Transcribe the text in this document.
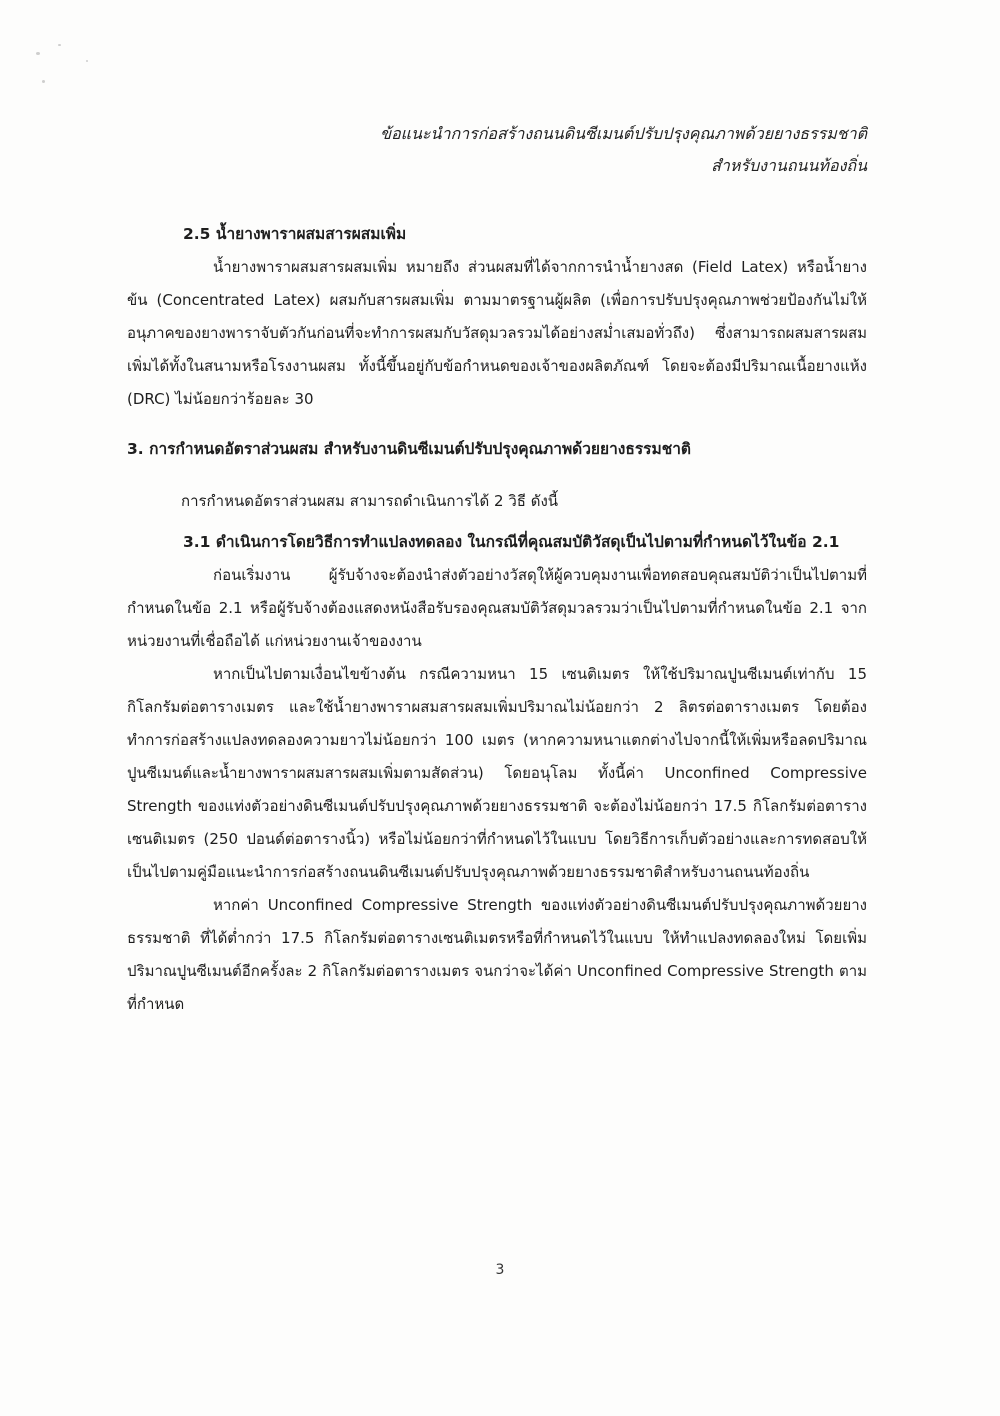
ข้อแนะนำการก่อสร้างถนนดินซีเมนต์ปรับปรุงคุณภาพด้วยยางธรรมชาติ
สำหรับงานถนนท้องถิ่น

2.5 น้ำยางพาราผสมสารผสมเพิ่ม

น้ำยางพาราผสมสารผสมเพิ่ม หมายถึง ส่วนผสมที่ได้จากการนำน้ำยางสด (Field Latex) หรือน้ำยางข้น (Concentrated Latex) ผสมกับสารผสมเพิ่ม ตามมาตรฐานผู้ผลิต (เพื่อการปรับปรุงคุณภาพช่วยป้องกันไม่ให้อนุภาคของยางพาราจับตัวกันก่อนที่จะทำการผสมกับวัสดุมวลรวมได้อย่างสม่ำเสมอทั่วถึง) ซึ่งสามารถผสมสารผสมเพิ่มได้ทั้งในสนามหรือโรงงานผสม ทั้งนี้ขึ้นอยู่กับข้อกำหนดของเจ้าของผลิตภัณฑ์ โดยจะต้องมีปริมาณเนื้อยางแห้ง (DRC) ไม่น้อยกว่าร้อยละ 30

3. การกำหนดอัตราส่วนผสม สำหรับงานดินซีเมนต์ปรับปรุงคุณภาพด้วยยางธรรมชาติ

การกำหนดอัตราส่วนผสม สามารถดำเนินการได้ 2 วิธี ดังนี้

3.1 ดำเนินการโดยวิธีการทำแปลงทดลอง ในกรณีที่คุณสมบัติวัสดุเป็นไปตามที่กำหนดไว้ในข้อ 2.1

ก่อนเริ่มงาน ผู้รับจ้างจะต้องนำส่งตัวอย่างวัสดุให้ผู้ควบคุมงานเพื่อทดสอบคุณสมบัติว่าเป็นไปตามที่กำหนดในข้อ 2.1 หรือผู้รับจ้างต้องแสดงหนังสือรับรองคุณสมบัติวัสดุมวลรวมว่าเป็นไปตามที่กำหนดในข้อ 2.1 จากหน่วยงานที่เชื่อถือได้ แก่หน่วยงานเจ้าของงาน

หากเป็นไปตามเงื่อนไขข้างต้น กรณีความหนา 15 เซนติเมตร ให้ใช้ปริมาณปูนซีเมนต์เท่ากับ 15 กิโลกรัมต่อตารางเมตร และใช้น้ำยางพาราผสมสารผสมเพิ่มปริมาณไม่น้อยกว่า 2 ลิตรต่อตารางเมตร โดยต้องทำการก่อสร้างแปลงทดลองความยาวไม่น้อยกว่า 100 เมตร (หากความหนาแตกต่างไปจากนี้ให้เพิ่มหรือลดปริมาณปูนซีเมนต์และน้ำยางพาราผสมสารผสมเพิ่มตามสัดส่วน) โดยอนุโลม ทั้งนี้ค่า Unconfined Compressive Strength ของแท่งตัวอย่างดินซีเมนต์ปรับปรุงคุณภาพด้วยยางธรรมชาติ จะต้องไม่น้อยกว่า 17.5 กิโลกรัมต่อตารางเซนติเมตร (250 ปอนด์ต่อตารางนิ้ว) หรือไม่น้อยกว่าที่กำหนดไว้ในแบบ โดยวิธีการเก็บตัวอย่างและการทดสอบให้เป็นไปตามคู่มือแนะนำการก่อสร้างถนนดินซีเมนต์ปรับปรุงคุณภาพด้วยยางธรรมชาติสำหรับงานถนนท้องถิ่น

หากค่า Unconfined Compressive Strength ของแท่งตัวอย่างดินซีเมนต์ปรับปรุงคุณภาพด้วยยางธรรมชาติ ที่ได้ต่ำกว่า 17.5 กิโลกรัมต่อตารางเซนติเมตรหรือที่กำหนดไว้ในแบบ ให้ทำแปลงทดลองใหม่ โดยเพิ่มปริมาณปูนซีเมนต์อีกครั้งละ 2 กิโลกรัมต่อตารางเมตร จนกว่าจะได้ค่า Unconfined Compressive Strength ตามที่กำหนด

3
